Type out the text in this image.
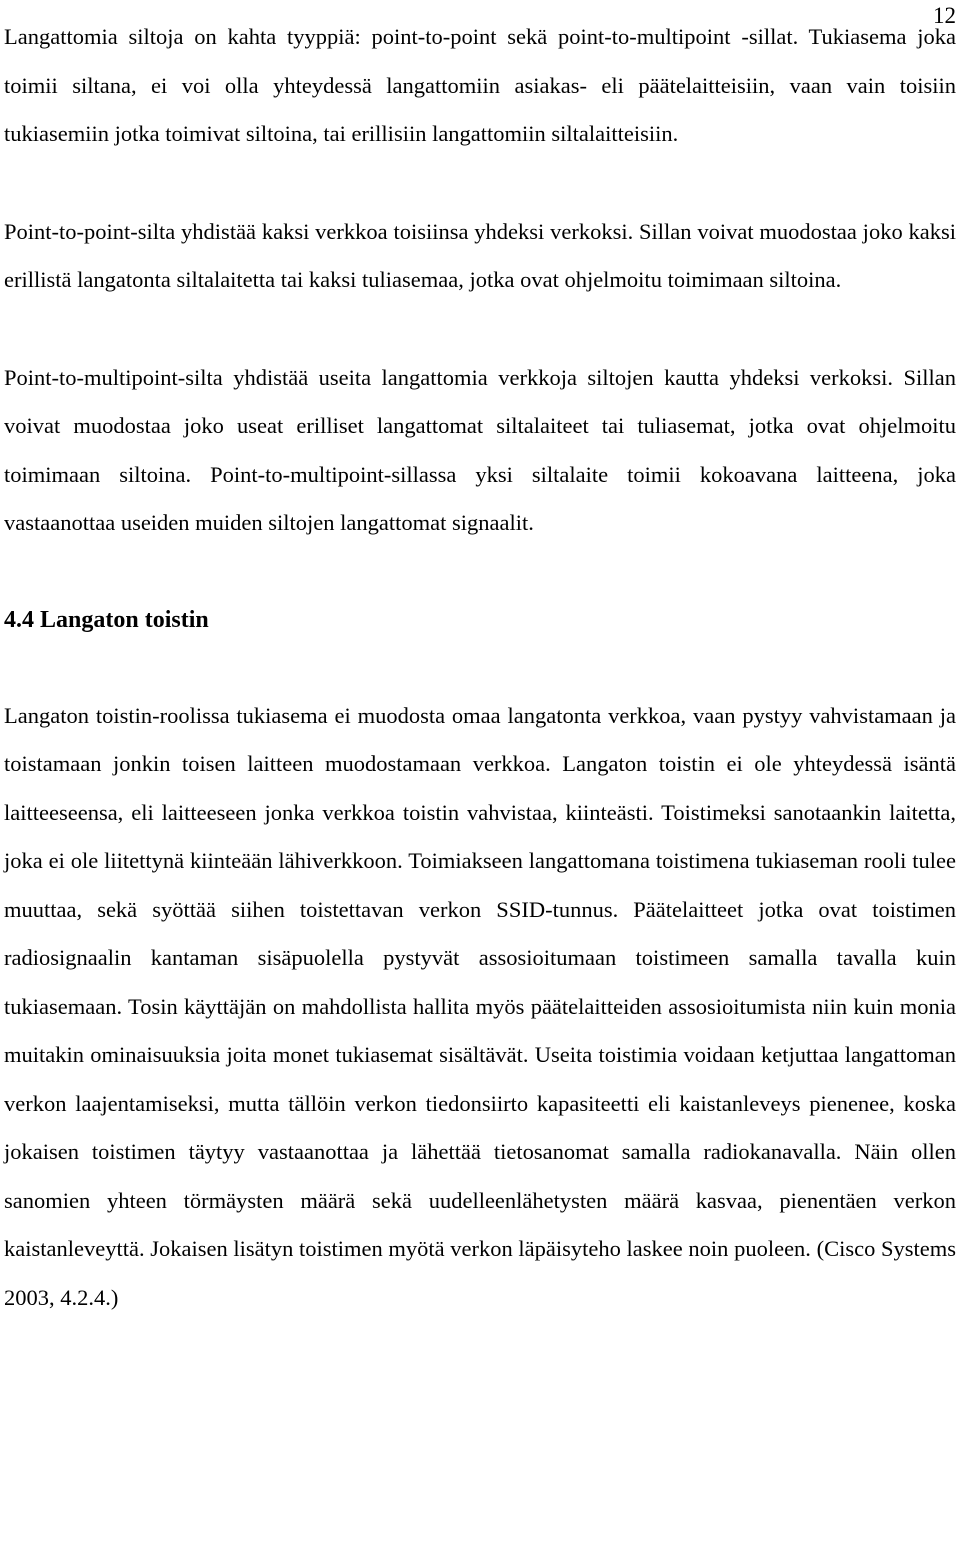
12

Langattomia siltoja on kahta tyyppiä: point-to-point sekä point-to-multipoint -sillat. Tukiasema joka toimii siltana, ei voi olla yhteydessä langattomiin asiakas- eli päätelaitteisiin, vaan vain toisiin tukiasemiin jotka toimivat siltoina, tai erillisiin langattomiin siltalaitteisiin.

Point-to-point-silta yhdistää kaksi verkkoa toisiinsa yhdeksi verkoksi. Sillan voivat muodostaa joko kaksi erillistä langatonta siltalaitetta tai kaksi tuliasemaa, jotka ovat ohjelmoitu toimimaan siltoina.

Point-to-multipoint-silta yhdistää useita langattomia verkkoja siltojen kautta yhdeksi verkoksi. Sillan voivat muodostaa joko useat erilliset langattomat siltalaiteet tai tuliasemat, jotka ovat ohjelmoitu toimimaan siltoina. Point-to-multipoint-sillassa yksi siltalaite toimii kokoavana laitteena, joka vastaanottaa useiden muiden siltojen langattomat signaalit.

4.4 Langaton toistin

Langaton toistin-roolissa tukiasema ei muodosta omaa langatonta verkkoa, vaan pystyy vahvistamaan ja toistamaan jonkin toisen laitteen muodostamaan verkkoa. Langaton toistin ei ole yhteydessä isäntä laitteeseensa, eli laitteeseen jonka verkkoa toistin vahvistaa, kiinteästi. Toistimeksi sanotaankin laitetta, joka ei ole liitettynä kiinteään lähiverkkoon. Toimiakseen langattomana toistimena tukiaseman rooli tulee muuttaa, sekä syöttää siihen toistettavan verkon SSID-tunnus. Päätelaitteet jotka ovat toistimen radiosignaalin kantaman sisäpuolella pystyvät assosioitumaan toistimeen samalla tavalla kuin tukiasemaan. Tosin käyttäjän on mahdollista hallita myös päätelaitteiden assosioitumista niin kuin monia muitakin ominaisuuksia joita monet tukiasemat sisältävät. Useita toistimia voidaan ketjuttaa langattoman verkon laajentamiseksi, mutta tällöin verkon tiedonsiirto kapasiteetti eli kaistanleveys pienenee, koska jokaisen toistimen täytyy vastaanottaa ja lähettää tietosanomat samalla radiokanavalla. Näin ollen sanomien yhteen törmäysten määrä sekä uudelleenlähetysten määrä kasvaa, pienentäen verkon kaistanleveyttä. Jokaisen lisätyn toistimen myötä verkon läpäisyteho laskee noin puoleen. (Cisco Systems 2003, 4.2.4.)
